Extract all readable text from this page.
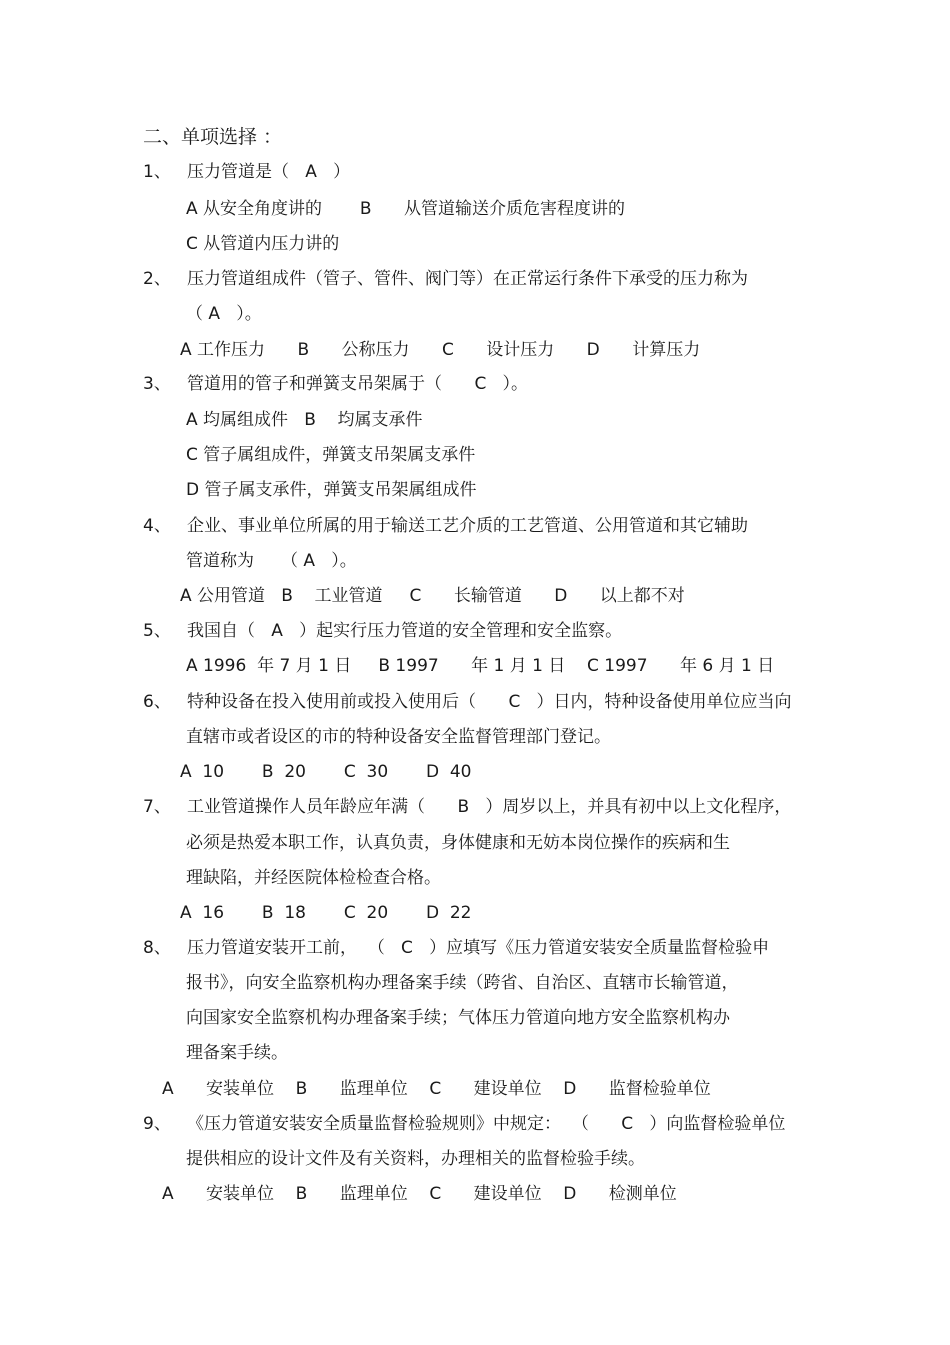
二、单项选择 ：
1、   压力管道是（   A   ）
A 从安全角度讲的       B      从管道输送介质危害程度讲的
C 从管道内压力讲的
2、   压力管道组成件（管子、管件、阀门等）在正常运行条件下承受的压力称为
（ A   ）。
A 工作压力      B      公称压力      C      设计压力      D      计算压力
3、   管道用的管子和弹簧支吊架属于（      C   ）。
A 均属组成件   B    均属支承件
C 管子属组成件，弹簧支吊架属支承件
D 管子属支承件，弹簧支吊架属组成件
4、   企业、事业单位所属的用于输送工艺介质的工艺管道、公用管道和其它辅助
管道称为     （ A   ）。
A 公用管道   B    工业管道     C      长输管道      D      以上都不对
5、   我国自（   A   ）起实行压力管道的安全管理和安全监察。
A 1996  年 7 月 1 日     B 1997      年 1 月 1 日    C 1997      年 6 月 1 日
6、   特种设备在投入使用前或投入使用后（      C   ）日内，特种设备使用单位应当向
直辖市或者设区的市的特种设备安全监督管理部门登记。
A  10       B  20       C  30       D  40
7、   工业管道操作人员年龄应年满（      B   ）周岁以上，并具有初中以上文化程序，
必须是热爱本职工作，认真负责，身体健康和无妨本岗位操作的疾病和生
理缺陷，并经医院体检检查合格。
A  16       B  18       C  20       D  22
8、   压力管道安装开工前，  （   C   ）应填写《压力管道安装安全质量监督检验申
报书》，向安全监察机构办理备案手续（跨省、自治区、直辖市长输管道，
向国家安全监察机构办理备案手续；气体压力管道向地方安全监察机构办
理备案手续。
A      安装单位    B      监理单位    C      建设单位    D      监督检验单位
9、   《压力管道安装安全质量监督检验规则》中规定：  （      C   ）向监督检验单位
提供相应的设计文件及有关资料，办理相关的监督检验手续。
A      安装单位    B      监理单位    C      建设单位    D      检测单位
